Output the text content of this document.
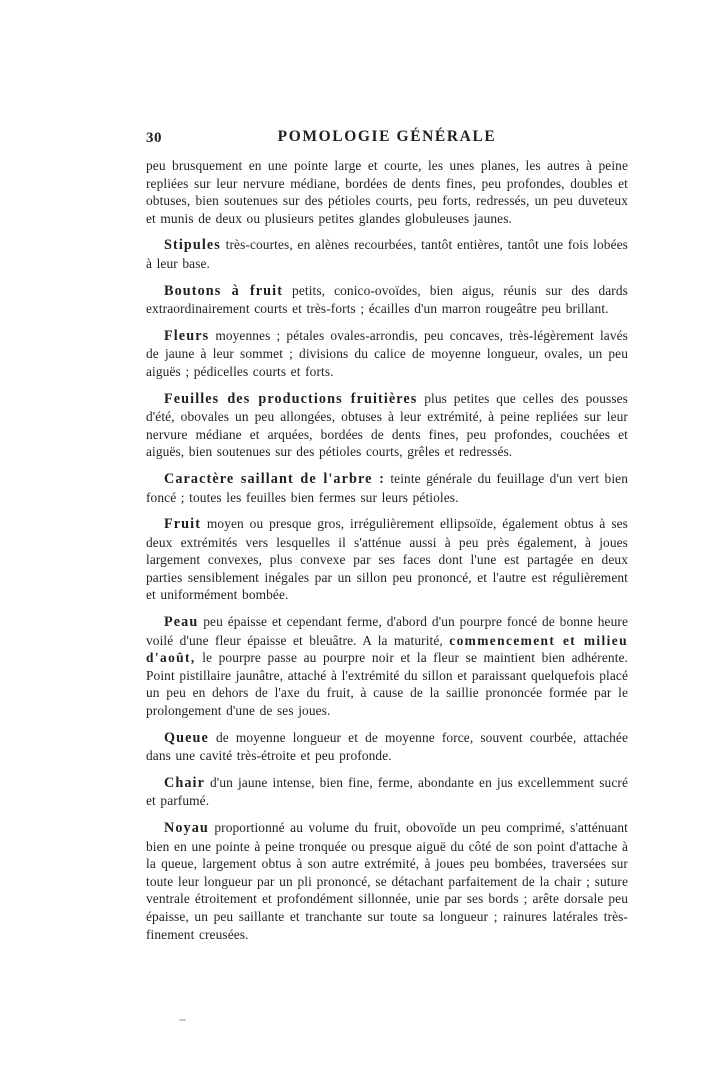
30	POMOLOGIE GÉNÉRALE

peu brusquement en une pointe large et courte, les unes planes, les autres à peine repliées sur leur nervure médiane, bordées de dents fines, peu profondes, doubles et obtuses, bien soutenues sur des pétioles courts, peu forts, redressés, un peu duveteux et munis de deux ou plusieurs petites glandes globuleuses jaunes.

Stipules très-courtes, en alènes recourbées, tantôt entières, tantôt une fois lobées à leur base.

Boutons à fruit petits, conico-ovoïdes, bien aigus, réunis sur des dards extraordinairement courts et très-forts ; écailles d'un marron rougeâtre peu brillant.

Fleurs moyennes ; pétales ovales-arrondis, peu concaves, très-légèrement lavés de jaune à leur sommet ; divisions du calice de moyenne longueur, ovales, un peu aiguës ; pédicelles courts et forts.

Feuilles des productions fruitières plus petites que celles des pousses d'été, obovales un peu allongées, obtuses à leur extrémité, à peine repliées sur leur nervure médiane et arquées, bordées de dents fines, peu profondes, couchées et aiguës, bien soutenues sur des pétioles courts, grêles et redressés.

Caractère saillant de l'arbre : teinte générale du feuillage d'un vert bien foncé ; toutes les feuilles bien fermes sur leurs pétioles.

Fruit moyen ou presque gros, irrégulièrement ellipsoïde, également obtus à ses deux extrémités vers lesquelles il s'atténue aussi à peu près également, à joues largement convexes, plus convexe par ses faces dont l'une est partagée en deux parties sensiblement inégales par un sillon peu prononcé, et l'autre est régulièrement et uniformément bombée.

Peau peu épaisse et cependant ferme, d'abord d'un pourpre foncé de bonne heure voilé d'une fleur épaisse et bleuâtre. A la maturité, commencement et milieu d'août, le pourpre passe au pourpre noir et la fleur se maintient bien adhérente. Point pistillaire jaunâtre, attaché à l'extrémité du sillon et paraissant quelquefois placé un peu en dehors de l'axe du fruit, à cause de la saillie prononcée formée par le prolongement d'une de ses joues.

Queue de moyenne longueur et de moyenne force, souvent courbée, attachée dans une cavité très-étroite et peu profonde.

Chair d'un jaune intense, bien fine, ferme, abondante en jus excellemment sucré et parfumé.

Noyau proportionné au volume du fruit, obovoïde un peu comprimé, s'atténuant bien en une pointe à peine tronquée ou presque aiguë du côté de son point d'attache à la queue, largement obtus à son autre extrémité, à joues peu bombées, traversées sur toute leur longueur par un pli prononcé, se détachant parfaitement de la chair ; suture ventrale étroitement et profondément sillonnée, unie par ses bords ; arête dorsale peu épaisse, un peu saillante et tranchante sur toute sa longueur ; rainures latérales très-finement creusées.
